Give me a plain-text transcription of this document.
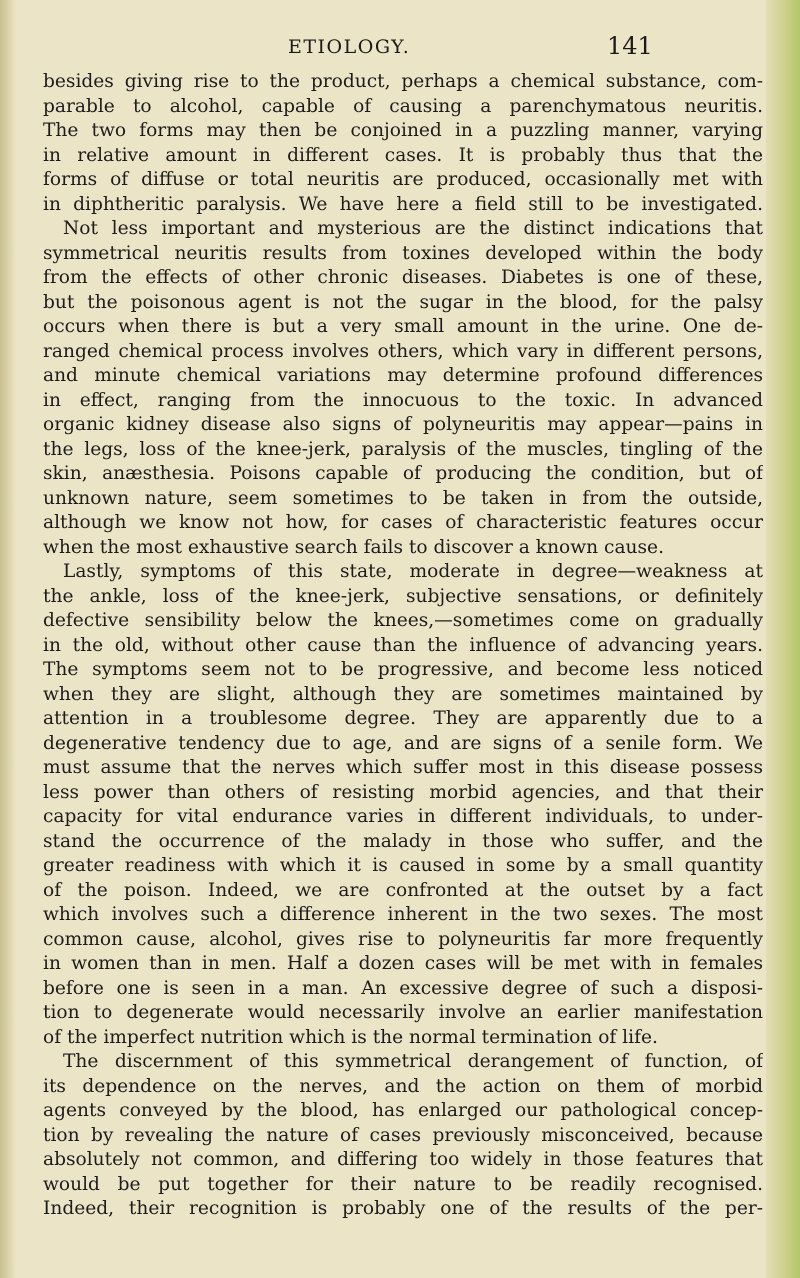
ETIOLOGY.	141
besides giving rise to the product, perhaps a chemical substance, com-
parable to alcohol, capable of causing a parenchymatous neuritis.
The two forms may then be conjoined in a puzzling manner, varying
in relative amount in different cases. It is probably thus that the
forms of diffuse or total neuritis are produced, occasionally met with
in diphtheritic paralysis. We have here a field still to be investigated.
Not less important and mysterious are the distinct indications that
symmetrical neuritis results from toxines developed within the body
from the effects of other chronic diseases. Diabetes is one of these,
but the poisonous agent is not the sugar in the blood, for the palsy
occurs when there is but a very small amount in the urine. One de-
ranged chemical process involves others, which vary in different persons,
and minute chemical variations may determine profound differences
in effect, ranging from the innocuous to the toxic. In advanced
organic kidney disease also signs of polyneuritis may appear—pains in
the legs, loss of the knee-jerk, paralysis of the muscles, tingling of the
skin, anæsthesia. Poisons capable of producing the condition, but of
unknown nature, seem sometimes to be taken in from the outside,
although we know not how, for cases of characteristic features occur
when the most exhaustive search fails to discover a known cause.
Lastly, symptoms of this state, moderate in degree—weakness at
the ankle, loss of the knee-jerk, subjective sensations, or definitely
defective sensibility below the knees,—sometimes come on gradually
in the old, without other cause than the influence of advancing years.
The symptoms seem not to be progressive, and become less noticed
when they are slight, although they are sometimes maintained by
attention in a troublesome degree. They are apparently due to a
degenerative tendency due to age, and are signs of a senile form. We
must assume that the nerves which suffer most in this disease possess
less power than others of resisting morbid agencies, and that their
capacity for vital endurance varies in different individuals, to under-
stand the occurrence of the malady in those who suffer, and the
greater readiness with which it is caused in some by a small quantity
of the poison. Indeed, we are confronted at the outset by a fact
which involves such a difference inherent in the two sexes. The most
common cause, alcohol, gives rise to polyneuritis far more frequently
in women than in men. Half a dozen cases will be met with in females
before one is seen in a man. An excessive degree of such a disposi-
tion to degenerate would necessarily involve an earlier manifestation
of the imperfect nutrition which is the normal termination of life.
The discernment of this symmetrical derangement of function, of
its dependence on the nerves, and the action on them of morbid
agents conveyed by the blood, has enlarged our pathological concep-
tion by revealing the nature of cases previously misconceived, because
absolutely not common, and differing too widely in those features that
would be put together for their nature to be readily recognised.
Indeed, their recognition is probably one of the results of the per-
